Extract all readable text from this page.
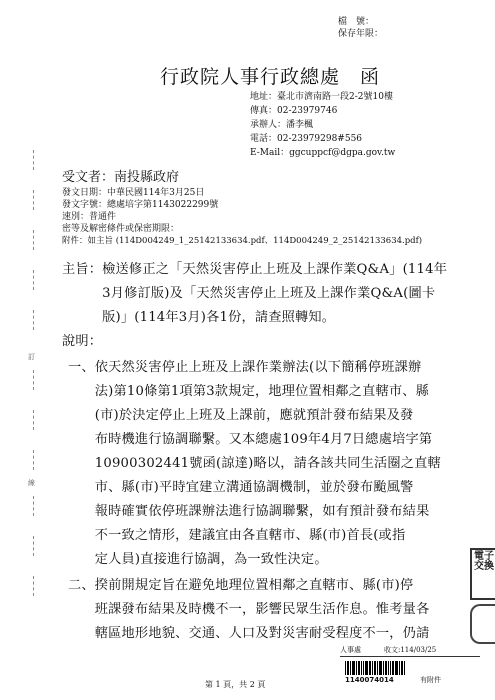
檔　號：
保存年限：
行政院人事行政總處　函
地址：臺北市濟南路一段2-2號10樓
傳真：02-23979746
承辦人：潘李楓
電話：02-23979298#556
E-Mail：ggcuppcf@dgpa.gov.tw
受文者：南投縣政府
發文日期：中華民國114年3月25日
發文字號：總處培字第1143022299號
速別：普通件
密等及解密條件或保密期限：
附件：如主旨 (114D004249_1_25142133634.pdf、114D004249_2_25142133634.pdf)
主旨：檢送修正之「天然災害停止上班及上課作業Q&A」(114年
　　　3月修訂版)及「天然災害停止上班及上課作業Q&A(圖卡
　　　版)」(114年3月)各1份，請查照轉知。
說明：
一、依天然災害停止上班及上課作業辦法(以下簡稱停班課辦
　　法)第10條第1項第3款規定，地理位置相鄰之直轄市、縣
　　(市)於決定停止上班及上課前，應就預計發布結果及發
　　布時機進行協調聯繫。又本總處109年4月7日總處培字第
　　10900302441號函(諒達)略以，請各該共同生活圈之直轄
　　市、縣(市)平時宜建立溝通協調機制，並於發布颱風警
　　報時確實依停班課辦法進行協調聯繫，如有預計發布結果
　　不一致之情形，建議宜由各直轄市、縣(市)首長(或指
　　定人員)直接進行協調，為一致性決定。
二、揆前開規定旨在避免地理位置相鄰之直轄市、縣(市)停
　　班課發布結果及時機不一，影響民眾生活作息。惟考量各
　　轄區地形地貌、交通、人口及對災害耐受程度不一，仍請
訂
線
電子交換
人事處	收文:114/03/25
1140074014	有附件
第 1 頁，共 2 頁
